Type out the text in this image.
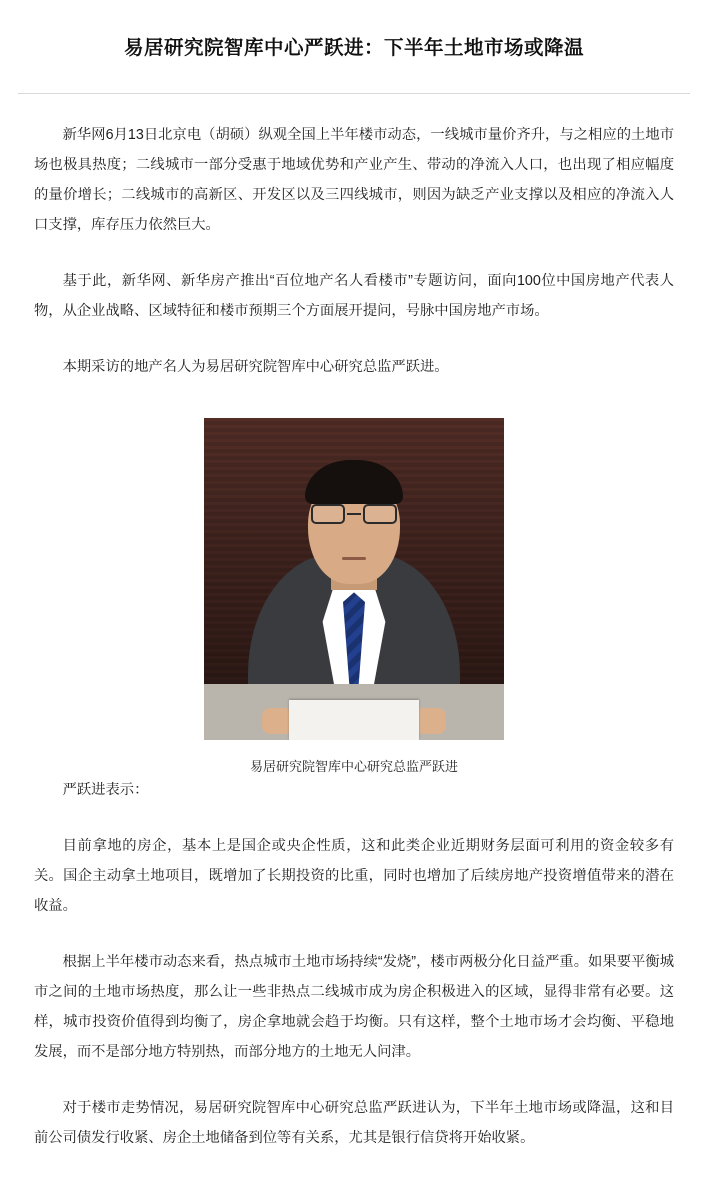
易居研究院智库中心严跃进：下半年土地市场或降温

新华网6月13日北京电（胡硕）纵观全国上半年楼市动态，一线城市量价齐升，与之相应的土地市场也极具热度；二线城市一部分受惠于地域优势和产业产生、带动的净流入人口，也出现了相应幅度的量价增长；二线城市的高新区、开发区以及三四线城市，则因为缺乏产业支撑以及相应的净流入人口支撑，库存压力依然巨大。

基于此，新华网、新华房产推出“百位地产名人看楼市”专题访问，面向100位中国房地产代表人物，从企业战略、区域特征和楼市预期三个方面展开提问，号脉中国房地产市场。

本期采访的地产名人为易居研究院智库中心研究总监严跃进。

易居研究院智库中心研究总监严跃进

严跃进表示：

目前拿地的房企，基本上是国企或央企性质，这和此类企业近期财务层面可利用的资金较多有关。国企主动拿土地项目，既增加了长期投资的比重，同时也增加了后续房地产投资增值带来的潜在收益。

根据上半年楼市动态来看，热点城市土地市场持续“发烧”，楼市两极分化日益严重。如果要平衡城市之间的土地市场热度，那么让一些非热点二线城市成为房企积极进入的区域，显得非常有必要。这样，城市投资价值得到均衡了，房企拿地就会趋于均衡。只有这样，整个土地市场才会均衡、平稳地发展，而不是部分地方特别热，而部分地方的土地无人问津。

对于楼市走势情况，易居研究院智库中心研究总监严跃进认为，下半年土地市场或降温，这和目前公司债发行收紧、房企土地储备到位等有关系，尤其是银行信贷将开始收紧。
